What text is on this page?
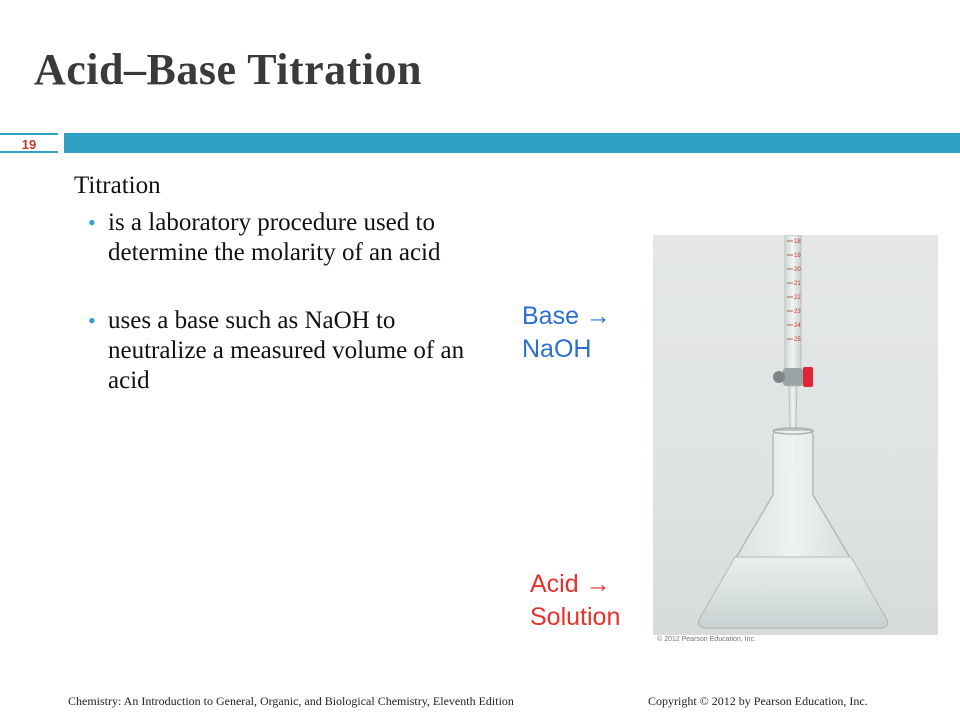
Acid–Base Titration
19

Titration

• is a laboratory procedure used to determine the molarity of an acid

• uses a base such as NaOH to neutralize a measured volume of an acid

Base →
NaOH
Acid →
Solution
18
19
20
21
22
23
24
25
© 2012 Pearson Education, Inc.
Chemistry: An Introduction to General, Organic, and Biological Chemistry, Eleventh Edition	Copyright © 2012 by Pearson Education, Inc.
